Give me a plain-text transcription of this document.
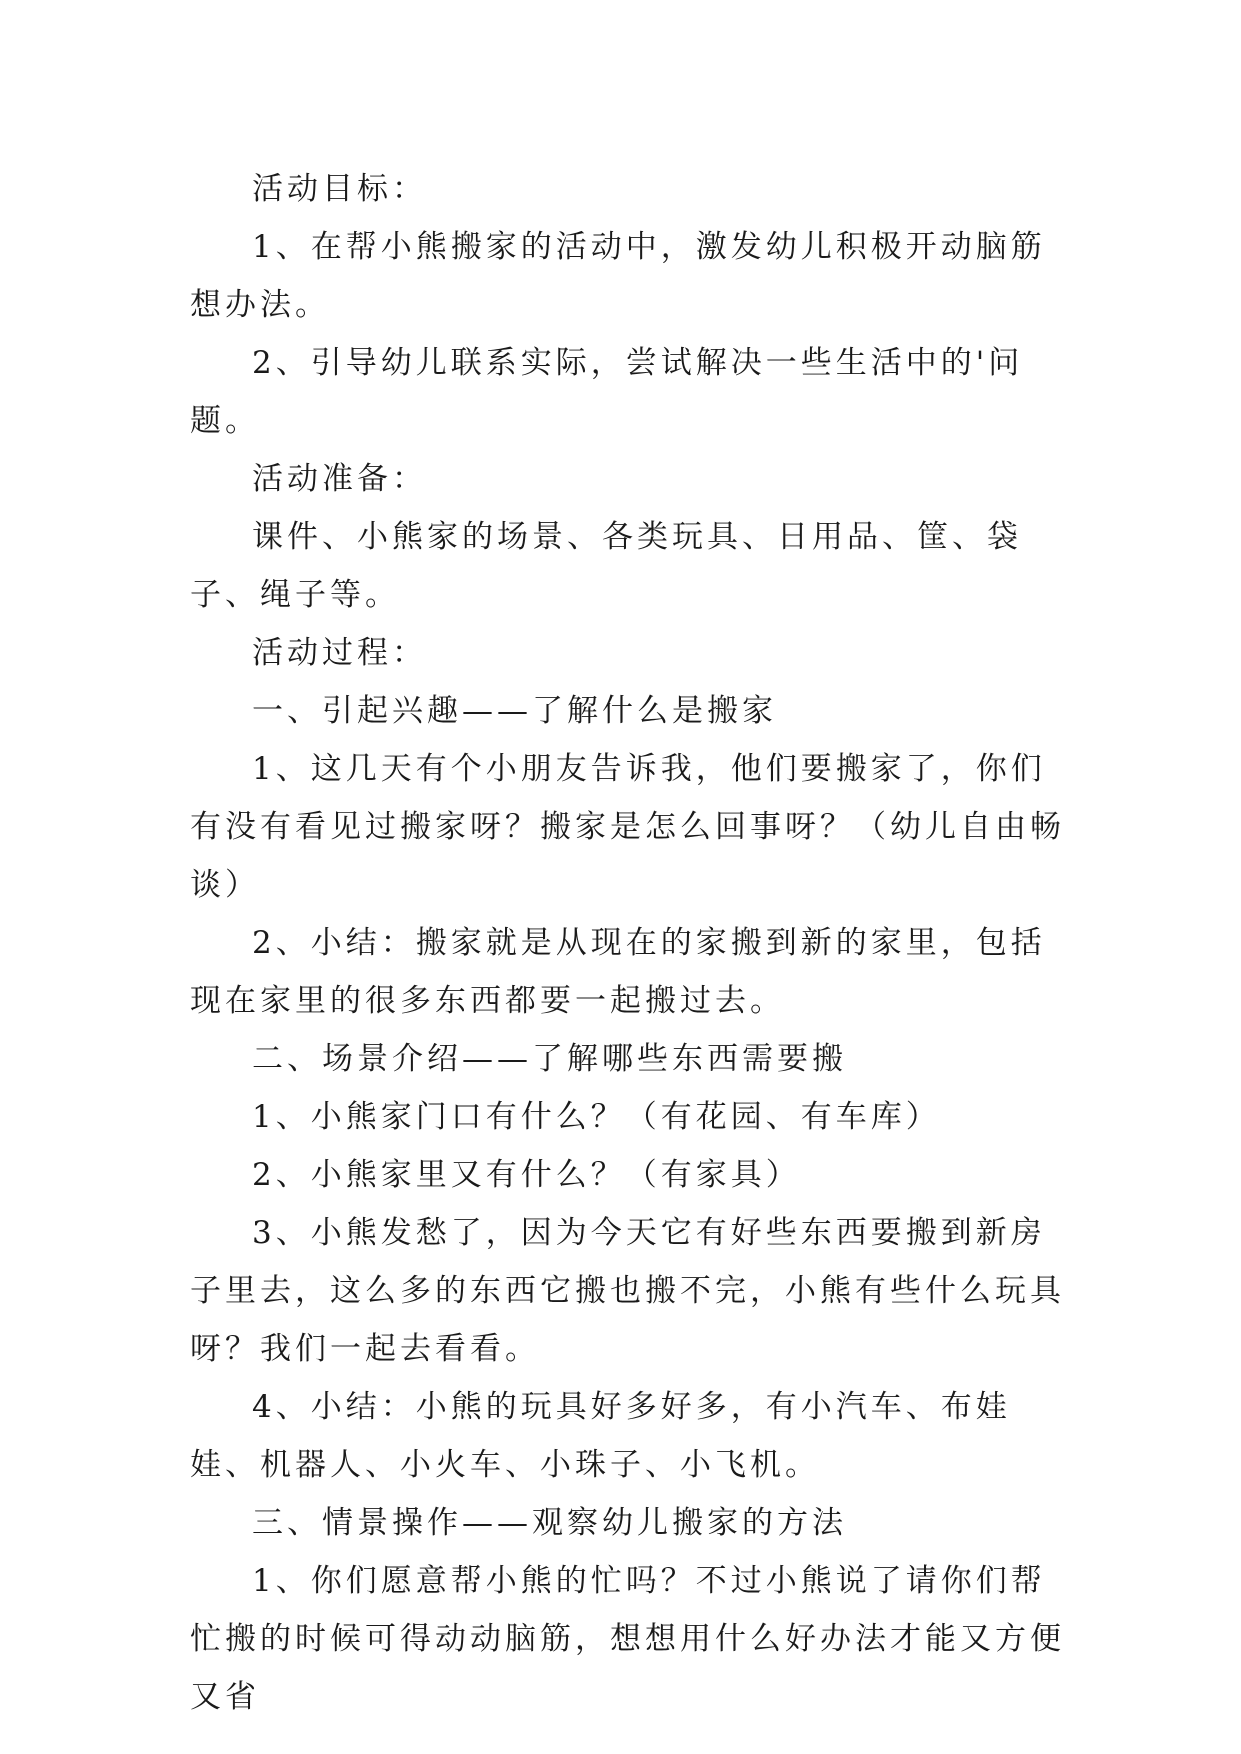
活动目标：

1、在帮小熊搬家的活动中，激发幼儿积极开动脑筋想办法。

2、引导幼儿联系实际，尝试解决一些生活中的'问题。

活动准备：

课件、小熊家的场景、各类玩具、日用品、筐、袋子、绳子等。

活动过程：

一、引起兴趣——了解什么是搬家

1、这几天有个小朋友告诉我，他们要搬家了，你们有没有看见过搬家呀？搬家是怎么回事呀？（幼儿自由畅谈）

2、小结：搬家就是从现在的家搬到新的家里，包括现在家里的很多东西都要一起搬过去。

二、场景介绍——了解哪些东西需要搬

1、小熊家门口有什么？（有花园、有车库）

2、小熊家里又有什么？（有家具）

3、小熊发愁了，因为今天它有好些东西要搬到新房子里去，这么多的东西它搬也搬不完，小熊有些什么玩具呀？我们一起去看看。

4、小结：小熊的玩具好多好多，有小汽车、布娃娃、机器人、小火车、小珠子、小飞机。

三、情景操作——观察幼儿搬家的方法

1、你们愿意帮小熊的忙吗？不过小熊说了请你们帮忙搬的时候可得动动脑筋，想想用什么好办法才能又方便又省
